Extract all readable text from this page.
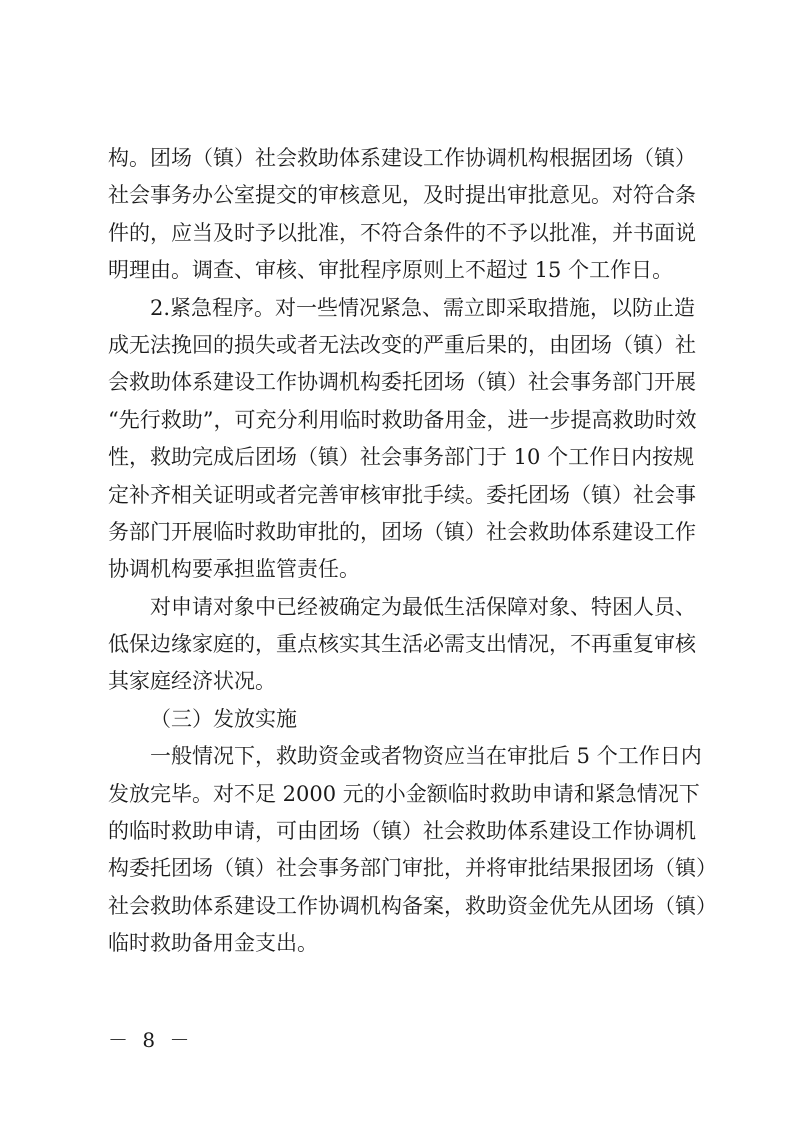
构。团场（镇）社会救助体系建设工作协调机构根据团场（镇）
社会事务办公室提交的审核意见，及时提出审批意见。对符合条
件的，应当及时予以批准，不符合条件的不予以批准，并书面说
明理由。调查、审核、审批程序原则上不超过 15 个工作日。
2.紧急程序。对一些情况紧急、需立即采取措施，以防止造
成无法挽回的损失或者无法改变的严重后果的，由团场（镇）社
会救助体系建设工作协调机构委托团场（镇）社会事务部门开展
“先行救助”，可充分利用临时救助备用金，进一步提高救助时效
性，救助完成后团场（镇）社会事务部门于 10 个工作日内按规
定补齐相关证明或者完善审核审批手续。委托团场（镇）社会事
务部门开展临时救助审批的，团场（镇）社会救助体系建设工作
协调机构要承担监管责任。
对申请对象中已经被确定为最低生活保障对象、特困人员、
低保边缘家庭的，重点核实其生活必需支出情况，不再重复审核
其家庭经济状况。
（三）发放实施
一般情况下，救助资金或者物资应当在审批后 5 个工作日内
发放完毕。对不足 2000 元的小金额临时救助申请和紧急情况下
的临时救助申请，可由团场（镇）社会救助体系建设工作协调机
构委托团场（镇）社会事务部门审批，并将审批结果报团场（镇）
社会救助体系建设工作协调机构备案，救助资金优先从团场（镇）
临时救助备用金支出。
－ 8 －
